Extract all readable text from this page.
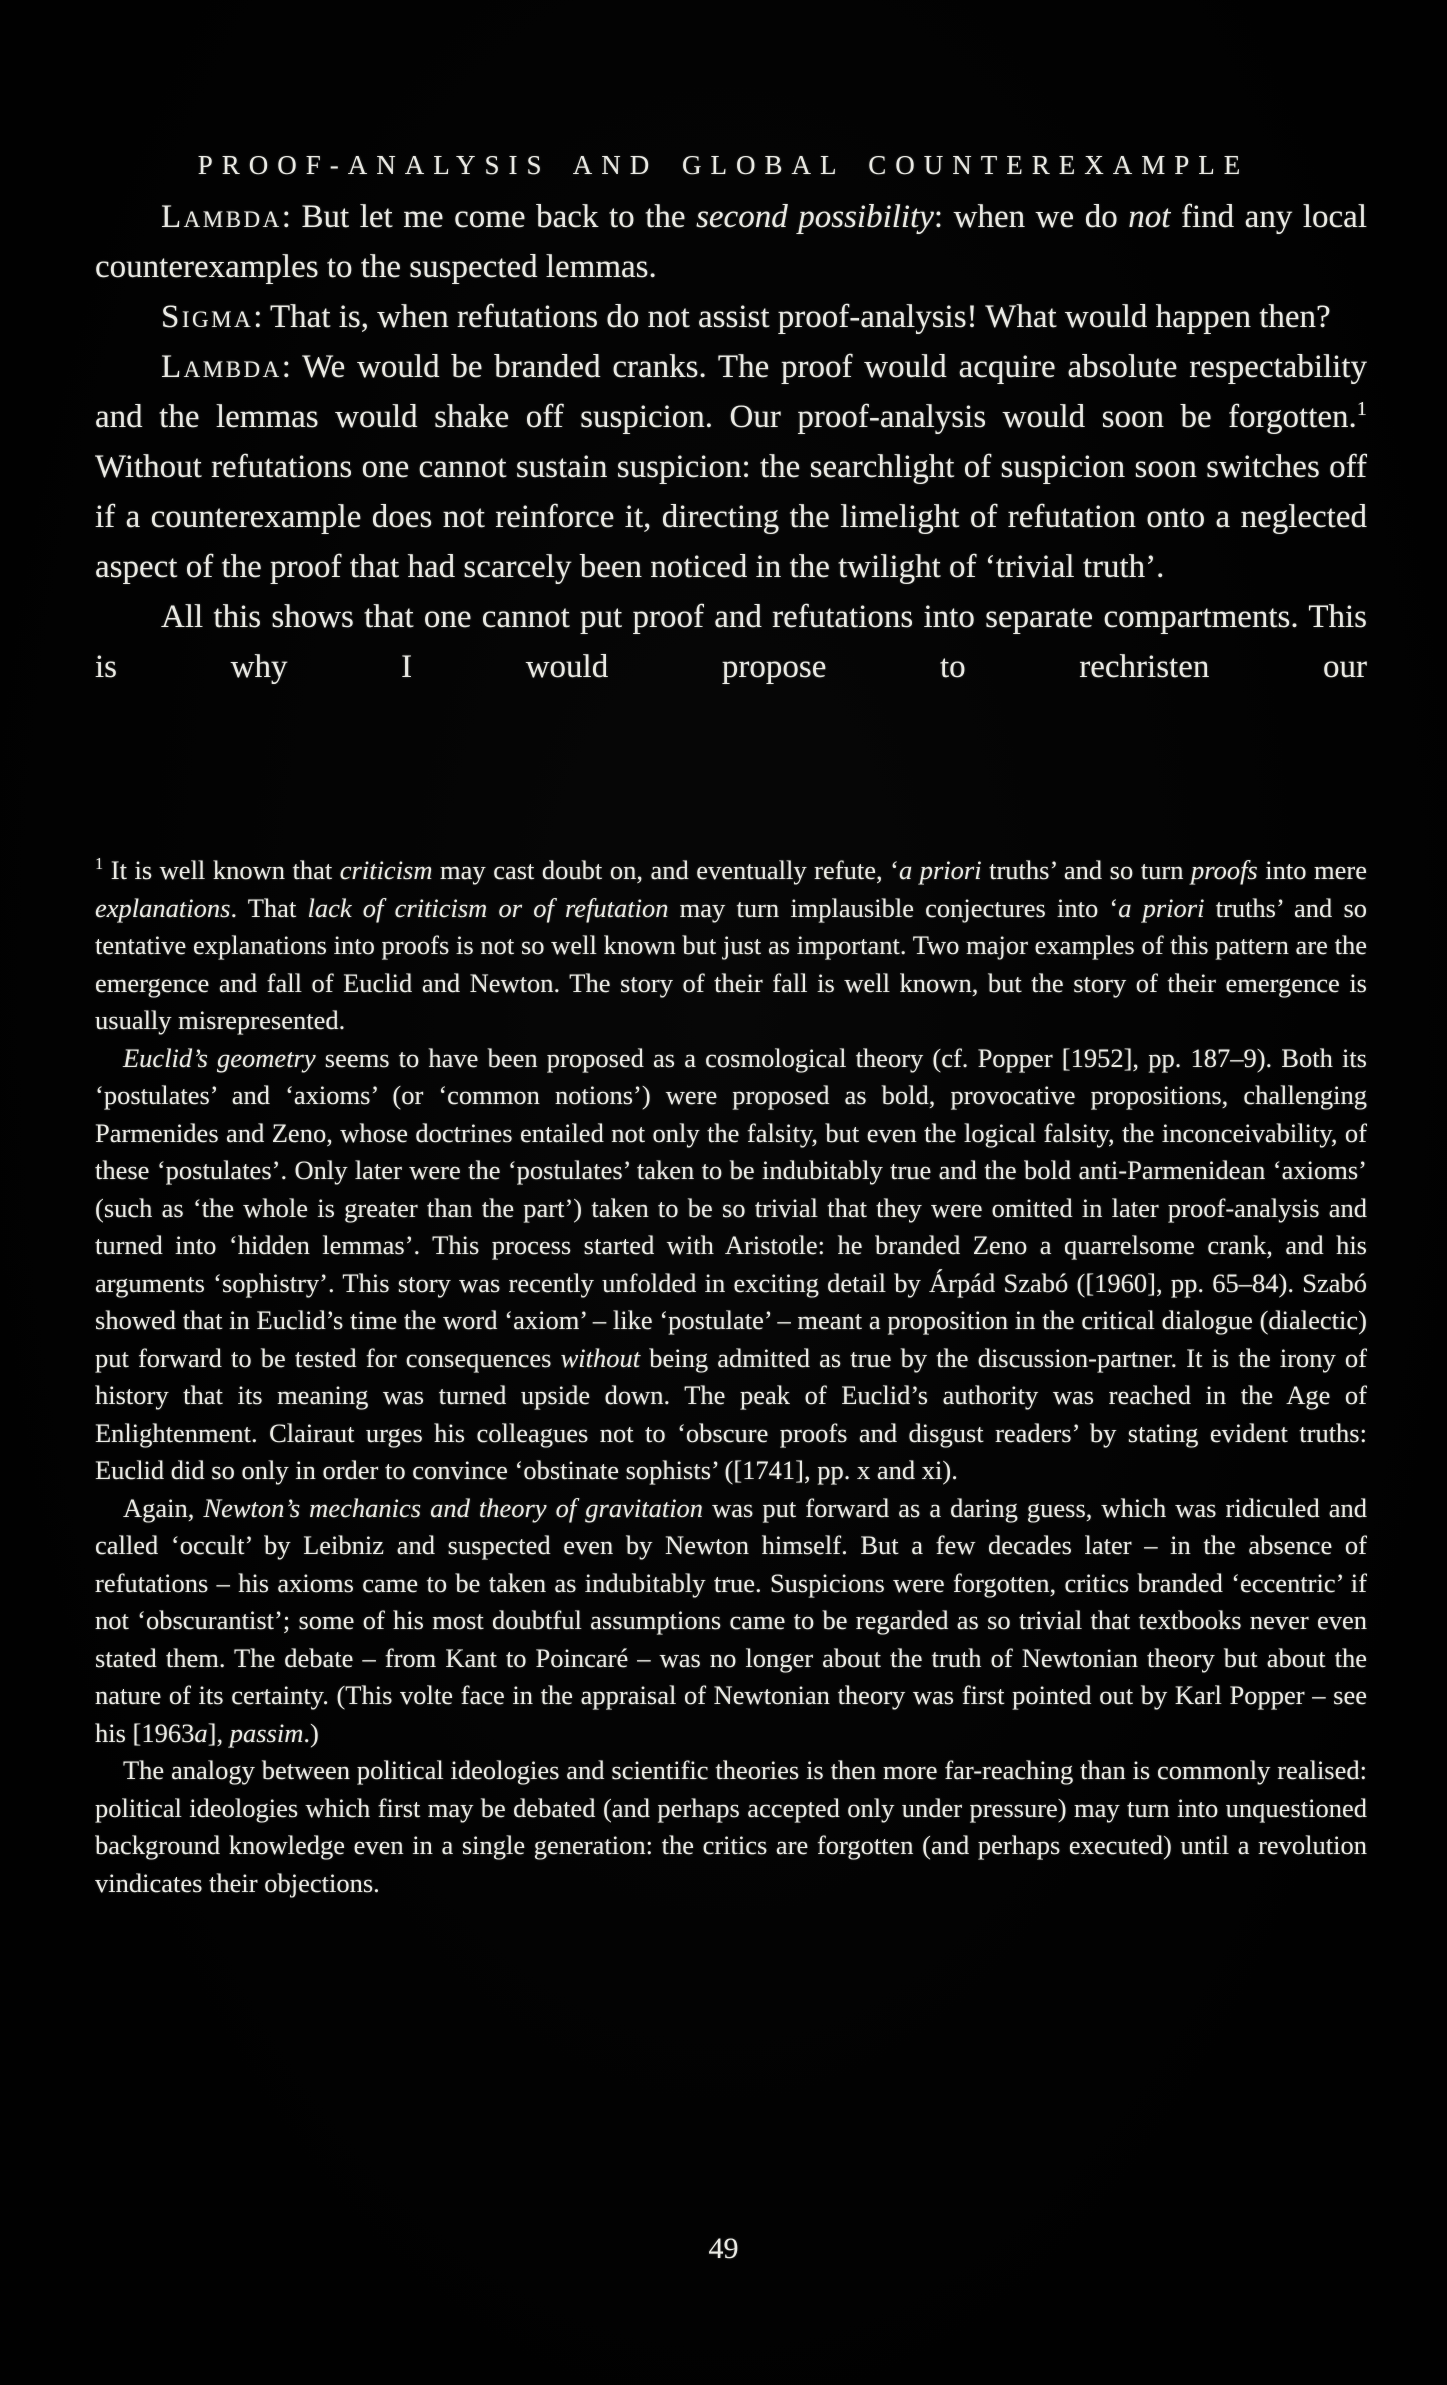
PROOF-ANALYSIS AND GLOBAL COUNTEREXAMPLE

Lambda: But let me come back to the second possibility: when we do not find any local counterexamples to the suspected lemmas.

Sigma: That is, when refutations do not assist proof-analysis! What would happen then?

Lambda: We would be branded cranks. The proof would acquire absolute respectability and the lemmas would shake off suspicion. Our proof-analysis would soon be forgotten.$^1$ Without refutations one cannot sustain suspicion: the searchlight of suspicion soon switches off if a counterexample does not reinforce it, directing the limelight of refutation onto a neglected aspect of the proof that had scarcely been noticed in the twilight of ‘trivial truth’.

All this shows that one cannot put proof and refutations into separate compartments. This is why I would propose to rechristen our

$^1$ It is well known that criticism may cast doubt on, and eventually refute, ‘a priori truths’ and so turn proofs into mere explanations. That lack of criticism or of refutation may turn implausible conjectures into ‘a priori truths’ and so tentative explanations into proofs is not so well known but just as important. Two major examples of this pattern are the emergence and fall of Euclid and Newton. The story of their fall is well known, but the story of their emergence is usually misrepresented.

Euclid’s geometry seems to have been proposed as a cosmological theory (cf. Popper [1952], pp. 187–9). Both its ‘postulates’ and ‘axioms’ (or ‘common notions’) were proposed as bold, provocative propositions, challenging Parmenides and Zeno, whose doctrines entailed not only the falsity, but even the logical falsity, the inconceivability, of these ‘postulates’. Only later were the ‘postulates’ taken to be indubitably true and the bold anti-Parmenidean ‘axioms’ (such as ‘the whole is greater than the part’) taken to be so trivial that they were omitted in later proof-analysis and turned into ‘hidden lemmas’. This process started with Aristotle: he branded Zeno a quarrelsome crank, and his arguments ‘sophistry’. This story was recently unfolded in exciting detail by Árpád Szabó ([1960], pp. 65–84). Szabó showed that in Euclid’s time the word ‘axiom’ – like ‘postulate’ – meant a proposition in the critical dialogue (dialectic) put forward to be tested for consequences without being admitted as true by the discussion-partner. It is the irony of history that its meaning was turned upside down. The peak of Euclid’s authority was reached in the Age of Enlightenment. Clairaut urges his colleagues not to ‘obscure proofs and disgust readers’ by stating evident truths: Euclid did so only in order to convince ‘obstinate sophists’ ([1741], pp. x and xi).

Again, Newton’s mechanics and theory of gravitation was put forward as a daring guess, which was ridiculed and called ‘occult’ by Leibniz and suspected even by Newton himself. But a few decades later – in the absence of refutations – his axioms came to be taken as indubitably true. Suspicions were forgotten, critics branded ‘eccentric’ if not ‘obscurantist’; some of his most doubtful assumptions came to be regarded as so trivial that textbooks never even stated them. The debate – from Kant to Poincaré – was no longer about the truth of Newtonian theory but about the nature of its certainty. (This volte face in the appraisal of Newtonian theory was first pointed out by Karl Popper – see his [1963a], passim.)

The analogy between political ideologies and scientific theories is then more far-reaching than is commonly realised: political ideologies which first may be debated (and perhaps accepted only under pressure) may turn into unquestioned background knowledge even in a single generation: the critics are forgotten (and perhaps executed) until a revolution vindicates their objections.

49
